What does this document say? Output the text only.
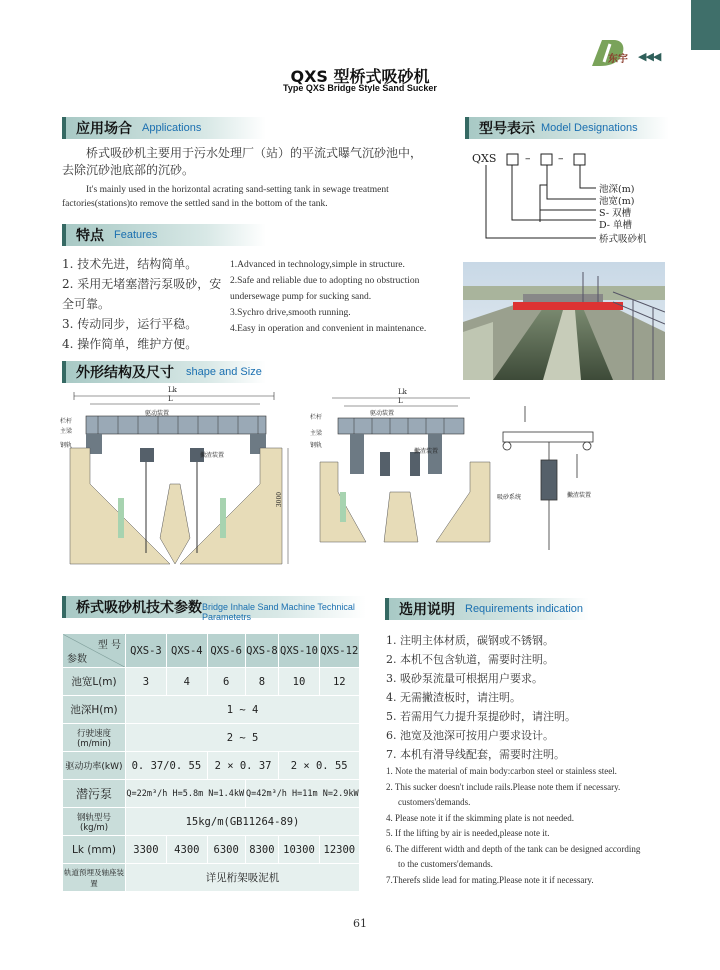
◀◀◀
东宇
QXS 型桥式吸砂机
Type QXS Bridge Style Sand Sucker
应用场合 Applications
桥式吸砂机主要用于污水处理厂（站）的平流式曝气沉砂池中，去除沉砂池底部的沉砂。
It's mainly used in the horizontal acrating sand-setting tank in sewage treatment factories(stations)to remove the settled sand in the bottom of the tank.
特点 Features
1. 技术先进，结构简单。
2. 采用无堵塞潜污泵吸砂，安全可靠。
3. 传动同步，运行平稳。
4. 操作简单，维护方便。
1.Advanced in technology,simple in structure.
2.Safe and reliable due to adopting no obstruction undersewage pump for sucking sand.
3.Sychro drive,smooth running.
4.Easy in operation and convenient in maintenance.
型号表示 Model Designations
QXS	–	–
池深(m)
池宽(m)
S- 双槽
D- 单槽
桥式吸砂机
外形结构及尺寸 shape and Size
Lk
L
栏杆
主梁
钢轨
驱动装置
撇渣装置
3000
Lk
L
驱动装置
栏杆
主梁
钢轨
撇渣装置
吸砂系统	撇渣装置
桥式吸砂机技术参数 Bridge Inhale Sand Machine Technical Parametetrs
型 号
参数	QXS-3	QXS-4	QXS-6	QXS-8	QXS-10	QXS-12
池宽L(m)	3	4	6	8	10	12
池深H(m)	1 ~ 4					
行驶速度(m/min)	2 ~ 5					
驱动功率(kW)	0. 37/0. 55		2 × 0. 37		2 × 0. 55	
潜污泵	Q=22m³/h H=5.8m N=1.4kW			Q=42m³/h H=11m N=2.9kW		
钢轨型号(kg/m)	15kg/m(GB11264-89)					
Lk (mm)	3300	4300	6300	8300	10300	12300
轨道预埋及轴座装置	详见桁架吸泥机					
选用说明 Requirements indication
1. 注明主体材质，碳钢或不锈钢。
2. 本机不包含轨道，需要时注明。
3. 吸砂泵流量可根据用户要求。
4. 无需撇渣板时，请注明。
5. 若需用气力提升泵提砂时，请注明。
6. 池宽及池深可按用户要求设计。
7. 本机有滑导线配套，需要时注明。
1. Note the material of main body:carbon steel or stainless steel.
2. This sucker doesn't include rails.Please note them if necessary.
customers'demands.
4. Please note it if the skimming plate is not needed.
5. If the lifting by air is needed,please note it.
6. The different width and depth of the tank can be designed according
to the customers'demands.
7.Therefs slide lead for mating.Please note it if necessary.
61
